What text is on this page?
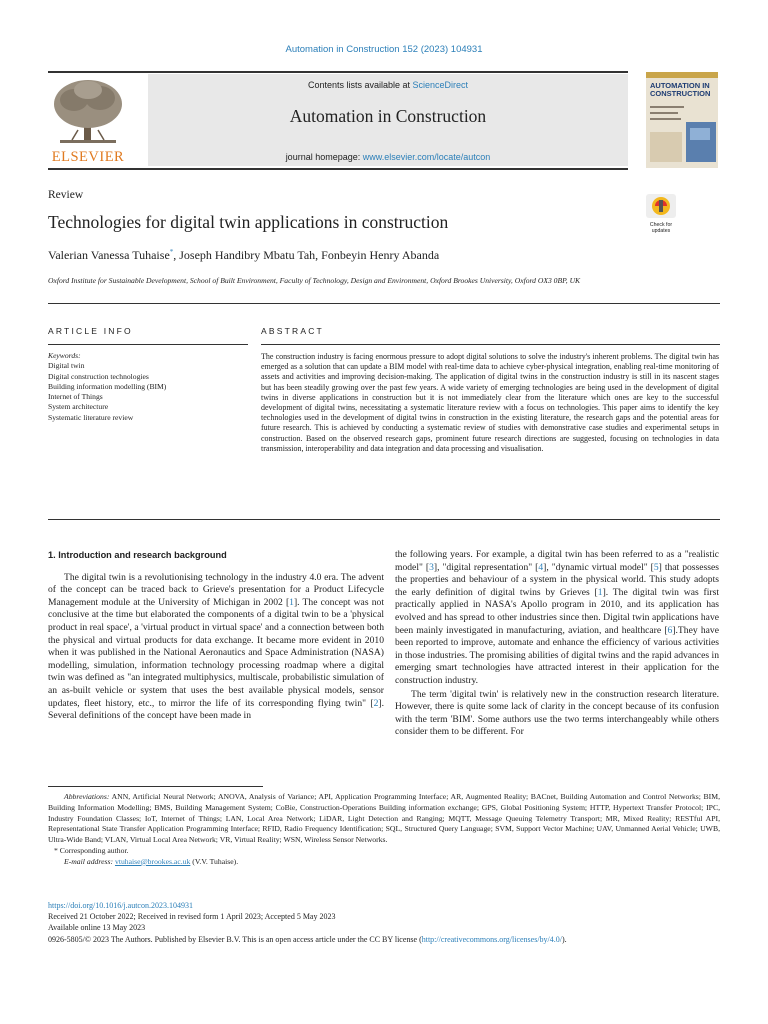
Automation in Construction 152 (2023) 104931
ELSEVIER
Contents lists available at ScienceDirect
Automation in Construction
journal homepage: www.elsevier.com/locate/autcon
AUTOMATION IN CONSTRUCTION
Review
Technologies for digital twin applications in construction	Check for updates
Valerian Vanessa Tuhaise*, Joseph Handibry Mbatu Tah, Fonbeyin Henry Abanda
Oxford Institute for Sustainable Development, School of Built Environment, Faculty of Technology, Design and Environment, Oxford Brookes University, Oxford OX3 0BP, UK
ARTICLE INFO	ABSTRACT
Keywords:
Digital twin
Digital construction technologies
Building information modelling (BIM)
Internet of Things
System architecture
Systematic literature review
The construction industry is facing enormous pressure to adopt digital solutions to solve the industry's inherent problems. The digital twin has emerged as a solution that can update a BIM model with real-time data to achieve cyber-physical integration, enabling real-time monitoring of assets and activities and improving decision-making. The application of digital twins in the construction industry is still in its nascent stages but has been steadily growing over the past few years. A wide variety of emerging technologies are being used in the development of digital twins in diverse applications in construction but it is not immediately clear from the literature which ones are key to the successful development of digital twins, necessitating a systematic literature review with a focus on technologies. This paper aims to identify the key technologies used in the development of digital twins in construction in the existing literature, the research gaps and the potential areas for future research. This is achieved by conducting a systematic review of studies with demonstrative case studies and experimental setups in construction. Based on the observed research gaps, prominent future research directions are suggested, focusing on technologies in data transmission, interoperability and data integration and data processing and visualisation.
1. Introduction and research background

The digital twin is a revolutionising technology in the industry 4.0 era. The advent of the concept can be traced back to Grieve's presentation for a Product Lifecycle Management module at the University of Michigan in 2002 [1]. The concept was not conclusive at the time but elaborated the components of a digital twin to be a 'physical product in real space', a 'virtual product in virtual space' and a connection between both the physical and virtual products for data exchange. It became more evident in 2010 when it was published in the National Aeronautics and Space Administration (NASA) modelling, simulation, information technology processing roadmap where a digital twin was defined as "an integrated multiphysics, multiscale, probabilistic simulation of an as-built vehicle or system that uses the best available physical models, sensor updates, fleet history, etc., to mirror the life of its corresponding flying twin" [2]. Several definitions of the concept have been made in

the following years. For example, a digital twin has been referred to as a "realistic model" [3], "digital representation" [4], "dynamic virtual model" [5] that possesses the properties and behaviour of a system in the physical world. This study adopts the early definition of digital twins by Grieves [1]. The digital twin was first practically applied in NASA's Apollo program in 2010, and its application has evolved and has spread to other industries since then. Digital twin applications have been mainly investigated in manufacturing, aviation, and healthcare [6].They have been reported to improve, automate and enhance the efficiency of various activities in those industries. The promising abilities of digital twins and the rapid advances in emerging smart technologies have attracted interest in their application for the construction industry.

The term 'digital twin' is relatively new in the construction research literature. However, there is quite some lack of clarity in the concept because of its confusion with the term 'BIM'. Some authors use the two terms interchangeably while others consider them to be different. For

Abbreviations: ANN, Artificial Neural Network; ANOVA, Analysis of Variance; API, Application Programming Interface; AR, Augmented Reality; BACnet, Building Automation and Control Networks; BIM, Building Information Modelling; BMS, Building Management System; CoBie, Construction-Operations Building information exchange; GPS, Global Positioning System; HTTP, Hypertext Transfer Protocol; IPC, Industry Foundation Classes; IoT, Internet of Things; LAN, Local Area Network; LiDAR, Light Detection and Ranging; MQTT, Message Queuing Telemetry Transport; MR, Mixed Reality; RESTful API, Representational State Transfer Application Programming Interface; RFID, Radio Frequency Identification; SQL, Structured Query Language; SVM, Support Vector Machine; UAV, Unmanned Aerial Vehicle; UWB, Ultra-Wide Band; VLAN, Virtual Local Area Network; VR, Virtual Reality; WSN, Wireless Sensor Networks.
* Corresponding author.
E-mail address: vtuhaise@brookes.ac.uk (V.V. Tuhaise).
https://doi.org/10.1016/j.autcon.2023.104931
Received 21 October 2022; Received in revised form 1 April 2023; Accepted 5 May 2023
Available online 13 May 2023
0926-5805/© 2023 The Authors. Published by Elsevier B.V. This is an open access article under the CC BY license (http://creativecommons.org/licenses/by/4.0/).
